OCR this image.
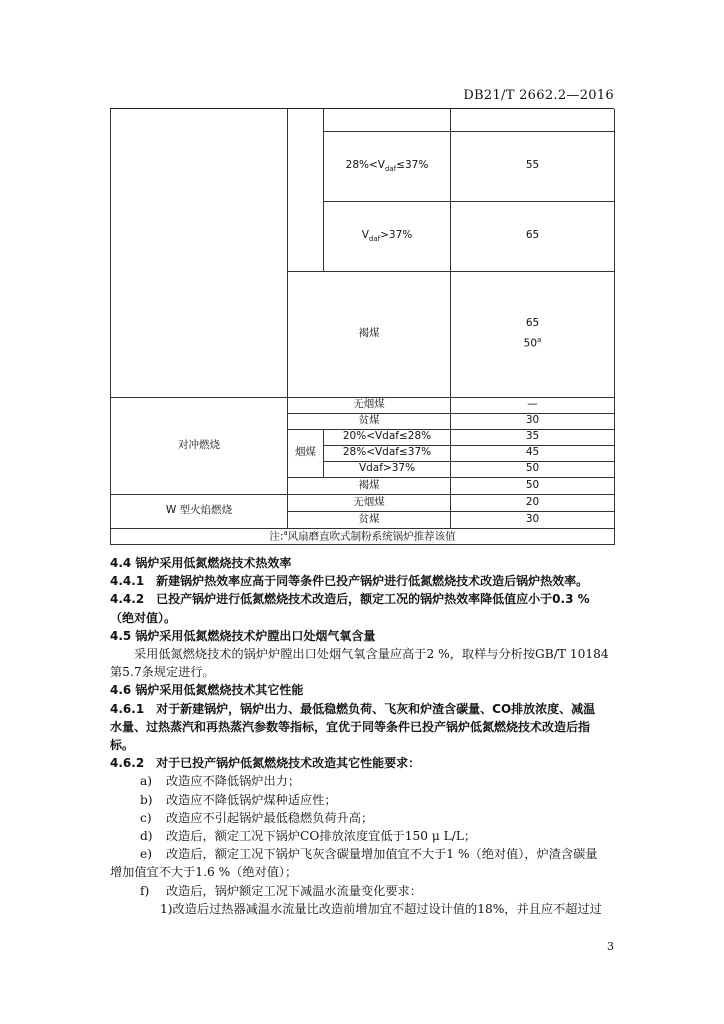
DB21/T 2662.2—2016

		$28\%<V_{daf}\le 37\%$	55
		$V_{daf}>37\%$	65
	褐煤		65
50$^a$

对冲燃烧	无烟煤		—
	贫煤		30
	烟煤	20%<Vdaf≤28%	35
		28%<Vdaf≤37%	45
		Vdaf>37%	50
	褐煤		50
W 型火焰燃烧	无烟煤		20
	贫煤		30
注:$^a$风扇磨直吹式制粉系统锅炉推荐该值			

4.4 锅炉采用低氮燃烧技术热效率

4.4.1　新建锅炉热效率应高于同等条件已投产锅炉进行低氮燃烧技术改造后锅炉热效率。

4.4.2　已投产锅炉进行低氮燃烧技术改造后，额定工况的锅炉热效率降低值应小于0.3 %

（绝对值）。

4.5 锅炉采用低氮燃烧技术炉膛出口处烟气氧含量

采用低氮燃烧技术的锅炉炉膛出口处烟气氧含量应高于2 %，取样与分析按GB/T 10184

第5.7条规定进行。

4.6 锅炉采用低氮燃烧技术其它性能

4.6.1　对于新建锅炉，锅炉出力、最低稳燃负荷、飞灰和炉渣含碳量、CO排放浓度、减温

水量、过热蒸汽和再热蒸汽参数等指标，宜优于同等条件已投产锅炉低氮燃烧技术改造后指

标。

4.6.2　对于已投产锅炉低氮燃烧技术改造其它性能要求：

a) 改造应不降低锅炉出力；

b) 改造应不降低锅炉煤种适应性；

c) 改造应不引起锅炉最低稳燃负荷升高；

d) 改造后，额定工况下锅炉CO排放浓度宜低于150 μ L/L；

e) 改造后，额定工况下锅炉飞灰含碳量增加值宜不大于1 %（绝对值），炉渣含碳量

增加值宜不大于1.6 %（绝对值）；

f) 改造后，锅炉额定工况下减温水流量变化要求：

1)改造后过热器减温水流量比改造前增加宜不超过设计值的18%，并且应不超过过

3
